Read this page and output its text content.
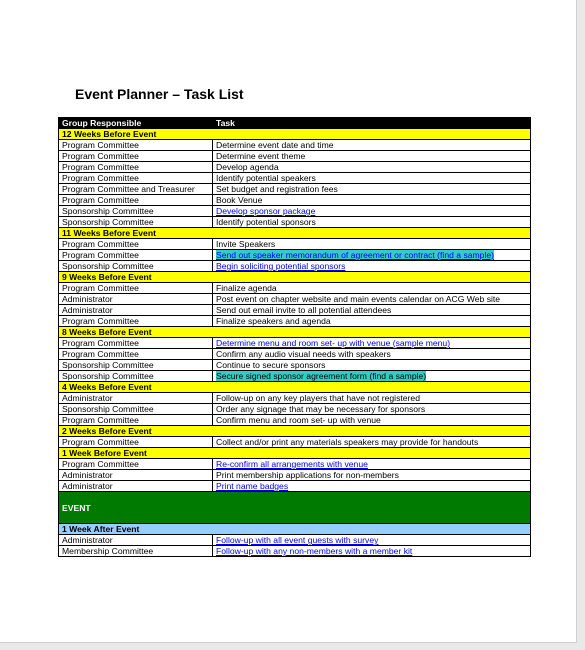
Event Planner – Task List
Group Responsible	Task
12 Weeks Before Event	
Program Committee	Determine event date and time
Program Committee	Determine event theme
Program Committee	Develop agenda
Program Committee	Identify potential speakers
Program Committee and Treasurer	Set budget and registration fees
Program Committee	Book Venue
Sponsorship Committee	Develop sponsor package
Sponsorship Committee	Identify potential sponsors
11 Weeks Before Event	
Program Committee	Invite Speakers
Program Committee	Send out speaker memorandum of agreement or contract (find a sample)
Sponsorship Committee	Begin soliciting potential sponsors
9 Weeks Before Event	
Program Committee	Finalize agenda
Administrator	Post event on chapter website and main events calendar on ACG Web site
Administrator	Send out email invite to all potential attendees
Program Committee	Finalize speakers and agenda
8 Weeks Before Event	
Program Committee	Determine menu and room set- up with venue (sample menu)
Program Committee	Confirm any audio visual needs with speakers
Sponsorship Committee	Continue to secure sponsors
Sponsorship Committee	Secure signed sponsor agreement form (find a sample)
4 Weeks Before Event	
Administrator	Follow-up on any key players that have not registered
Sponsorship Committee	Order any signage that may be necessary for sponsors
Program Committee	Confirm menu and room set- up with venue
2 Weeks Before Event	
Program Committee	Collect and/or print any materials speakers may provide for handouts
1 Week Before Event	
Program Committee	Re-confirm all arrangements with venue
Administrator	Print membership applications for non-members
Administrator	Print name badges
EVENT	
1 Week After Event	
Administrator	Follow-up with all event guests with survey
Membership Committee	Follow-up with any non-members with a member kit
